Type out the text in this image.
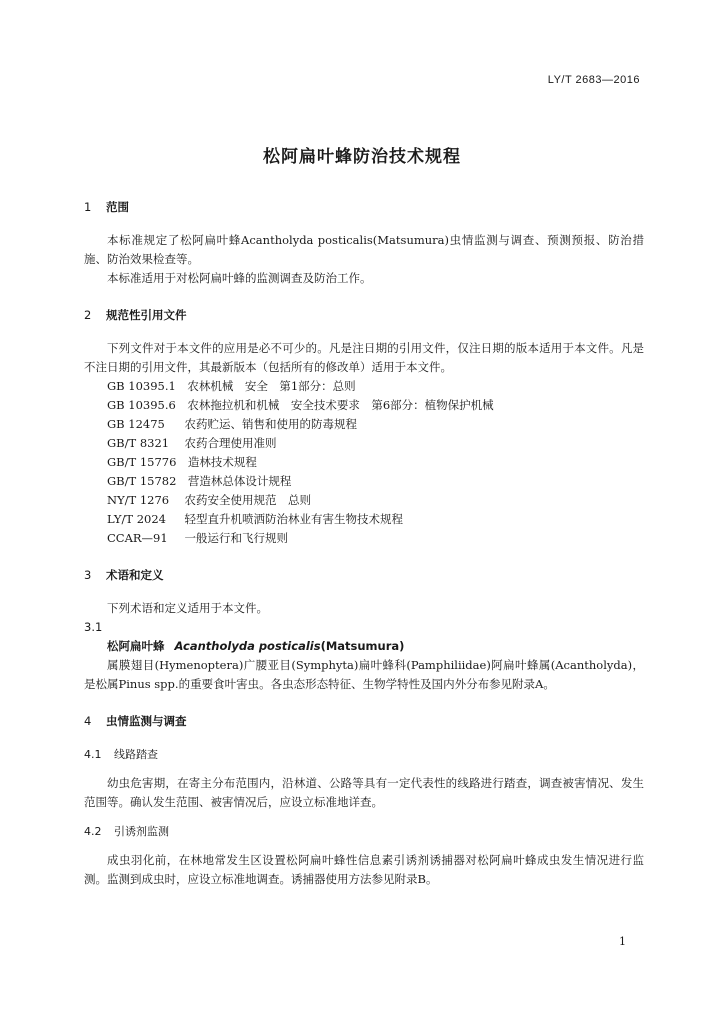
LY/T 2683—2016
松阿扁叶蜂防治技术规程

1 范围

本标准规定了松阿扁叶蜂Acantholyda posticalis(Matsumura)虫情监测与调查、预测预报、防治措施、防治效果检查等。

本标准适用于对松阿扁叶蜂的监测调查及防治工作。

2 规范性引用文件

下列文件对于本文件的应用是必不可少的。凡是注日期的引用文件，仅注日期的版本适用于本文件。凡是不注日期的引用文件，其最新版本（包括所有的修改单）适用于本文件。

GB 10395.1　 农林机械　安全　第1部分：总则

GB 10395.6　 农林拖拉机和机械　安全技术要求　第6部分：植物保护机械

GB 12475　 农药贮运、销售和使用的防毒规程

GB/T 8321　 农药合理使用准则

GB/T 15776　 造林技术规程

GB/T 15782　 营造林总体设计规程

NY/T 1276　 农药安全使用规范　总则

LY/T 2024　 轻型直升机喷洒防治林业有害生物技术规程

CCAR—91　 一般运行和飞行规则

3 术语和定义

下列术语和定义适用于本文件。

3.1

松阿扁叶蜂 Acantholyda posticalis(Matsumura)

属膜翅目(Hymenoptera)广腰亚目(Symphyta)扁叶蜂科(Pamphiliidae)阿扁叶蜂属(Acantholyda)，是松属Pinus spp.的重要食叶害虫。各虫态形态特征、生物学特性及国内外分布参见附录A。

4 虫情监测与调查

4.1 线路踏查

幼虫危害期，在寄主分布范围内，沿林道、公路等具有一定代表性的线路进行踏查，调查被害情况、发生范围等。确认发生范围、被害情况后，应设立标准地详查。

4.2 引诱剂监测

成虫羽化前，在林地常发生区设置松阿扁叶蜂性信息素引诱剂诱捕器对松阿扁叶蜂成虫发生情况进行监测。监测到成虫时，应设立标准地调查。诱捕器使用方法参见附录B。

1
